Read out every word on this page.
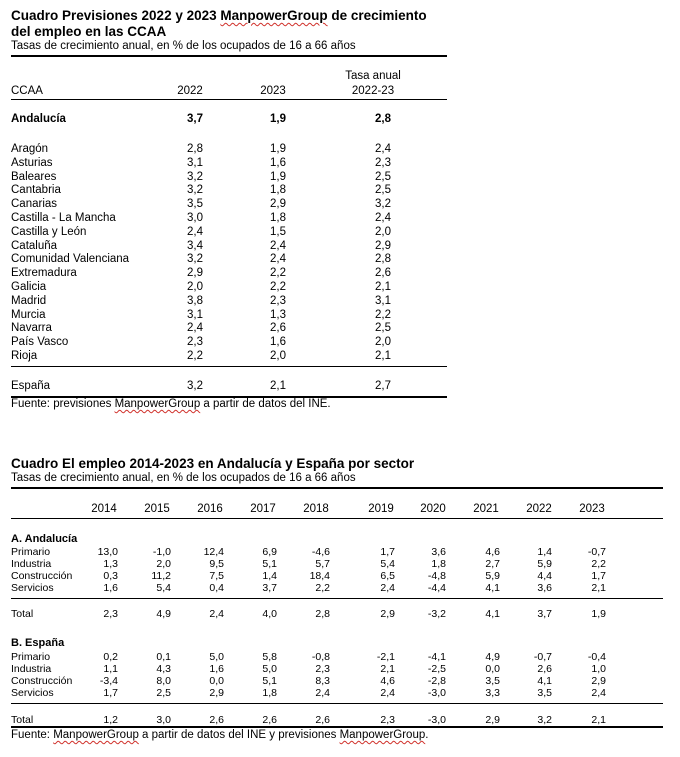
Cuadro Previsiones 2022 y 2023 ManpowerGroup de crecimiento
del empleo en las CCAA
Tasas de crecimiento anual, en % de los ocupados de 16 a 66 años
Tasa anual
CCAA	2022	2023	2022-23
Andalucía	3,7	1,9	2,8
Aragón	2,8	1,9	2,4
Asturias	3,1	1,6	2,3
Baleares	3,2	1,9	2,5
Cantabria	3,2	1,8	2,5
Canarias	3,5	2,9	3,2
Castilla - La Mancha	3,0	1,8	2,4
Castilla y León	2,4	1,5	2,0
Cataluña	3,4	2,4	2,9
Comunidad Valenciana	3,2	2,4	2,8
Extremadura	2,9	2,2	2,6
Galicia	2,0	2,2	2,1
Madrid	3,8	2,3	3,1
Murcia	3,1	1,3	2,2
Navarra	2,4	2,6	2,5
País Vasco	2,3	1,6	2,0
Rioja	2,2	2,0	2,1
España	3,2	2,1	2,7
Fuente: previsiones ManpowerGroup a partir de datos del INE.
Cuadro El empleo 2014-2023 en Andalucía y España por sector
Tasas de crecimiento anual, en % de los ocupados de 16 a 66 años
2014	2015	2016	2017	2018	2019	2020	2021	2022	2023
A. Andalucía
Primario	13,0	-1,0	12,4	6,9	-4,6	1,7	3,6	4,6	1,4	-0,7
Industria	1,3	2,0	9,5	5,1	5,7	5,4	1,8	2,7	5,9	2,2
Construcción	0,3	11,2	7,5	1,4	18,4	6,5	-4,8	5,9	4,4	1,7
Servicios	1,6	5,4	0,4	3,7	2,2	2,4	-4,4	4,1	3,6	2,1
Total	2,3	4,9	2,4	4,0	2,8	2,9	-3,2	4,1	3,7	1,9
B. España
Primario	0,2	0,1	5,0	5,8	-0,8	-2,1	-4,1	4,9	-0,7	-0,4
Industria	1,1	4,3	1,6	5,0	2,3	2,1	-2,5	0,0	2,6	1,0
Construcción	-3,4	8,0	0,0	5,1	8,3	4,6	-2,8	3,5	4,1	2,9
Servicios	1,7	2,5	2,9	1,8	2,4	2,4	-3,0	3,3	3,5	2,4
Total	1,2	3,0	2,6	2,6	2,6	2,3	-3,0	2,9	3,2	2,1
Fuente: ManpowerGroup a partir de datos del INE y previsiones ManpowerGroup.
